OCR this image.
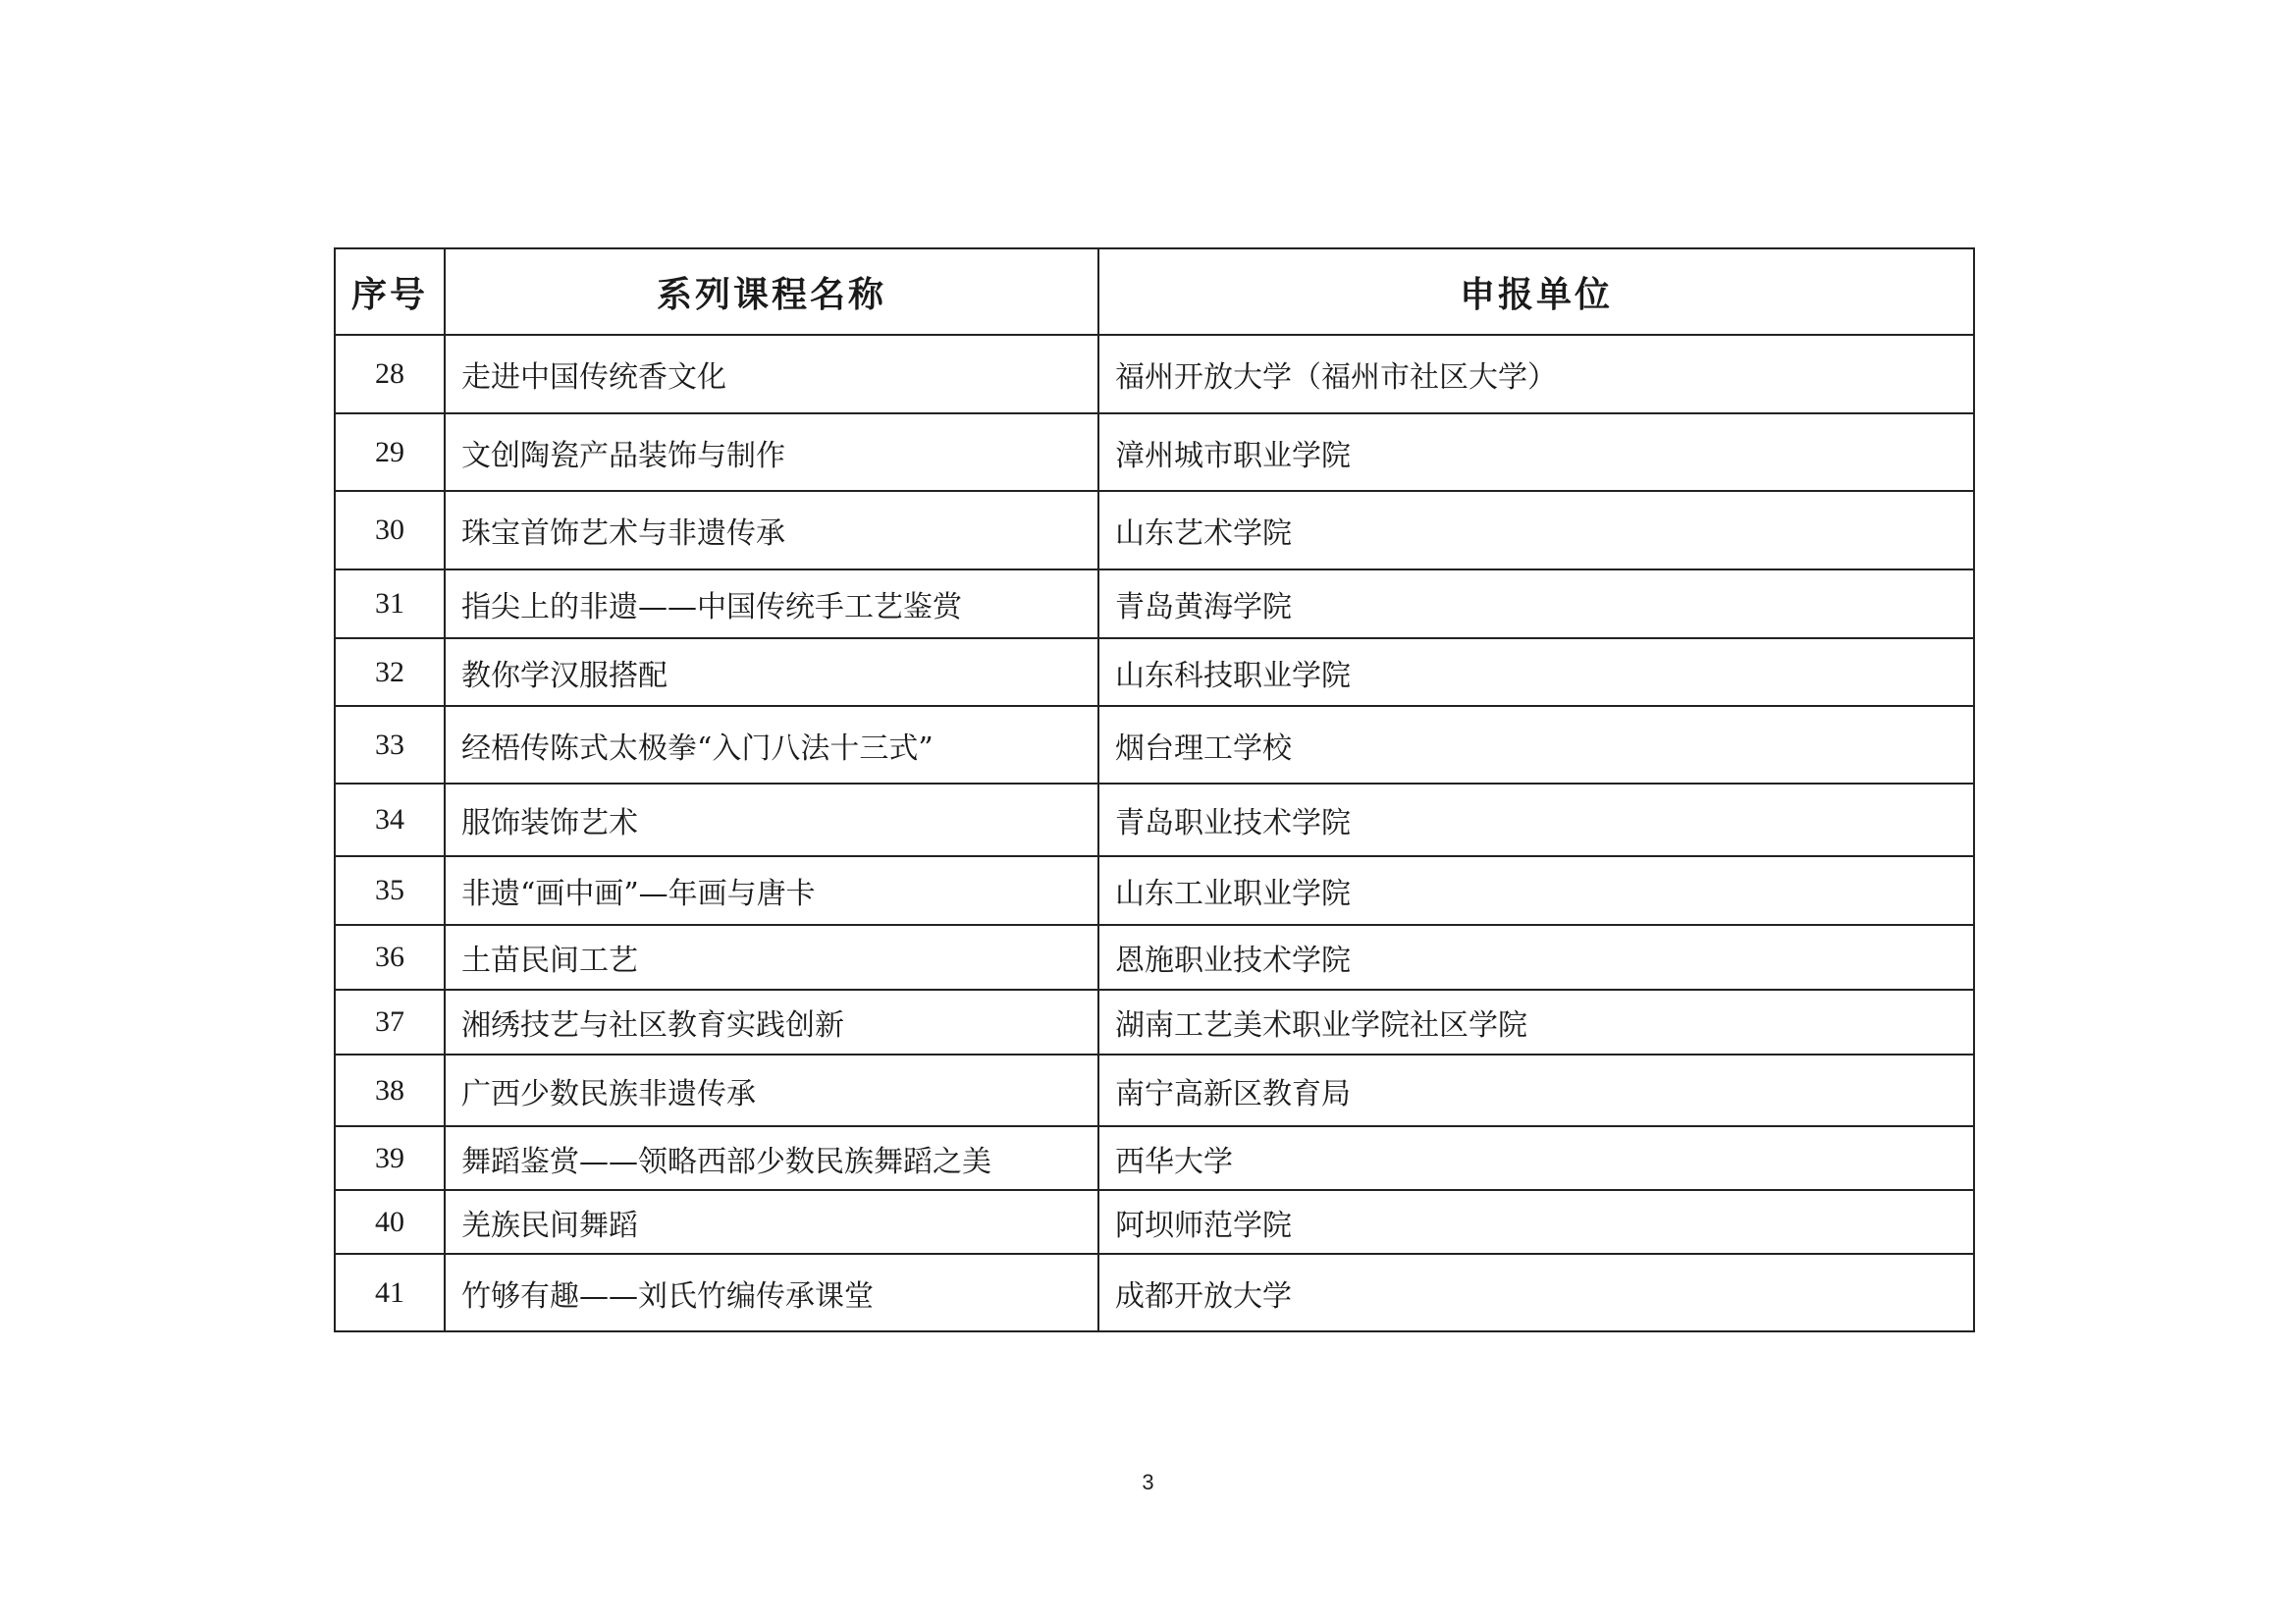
序号	系列课程名称	申报单位
28	走进中国传统香文化	福州开放大学（福州市社区大学）
29	文创陶瓷产品装饰与制作	漳州城市职业学院
30	珠宝首饰艺术与非遗传承	山东艺术学院
31	指尖上的非遗——中国传统手工艺鉴赏	青岛黄海学院
32	教你学汉服搭配	山东科技职业学院
33	经梧传陈式太极拳“入门八法十三式”	烟台理工学校
34	服饰装饰艺术	青岛职业技术学院
35	非遗“画中画”—年画与唐卡	山东工业职业学院
36	土苗民间工艺	恩施职业技术学院
37	湘绣技艺与社区教育实践创新	湖南工艺美术职业学院社区学院
38	广西少数民族非遗传承	南宁高新区教育局
39	舞蹈鉴赏——领略西部少数民族舞蹈之美	西华大学
40	羌族民间舞蹈	阿坝师范学院
41	竹够有趣——刘氏竹编传承课堂	成都开放大学
3
